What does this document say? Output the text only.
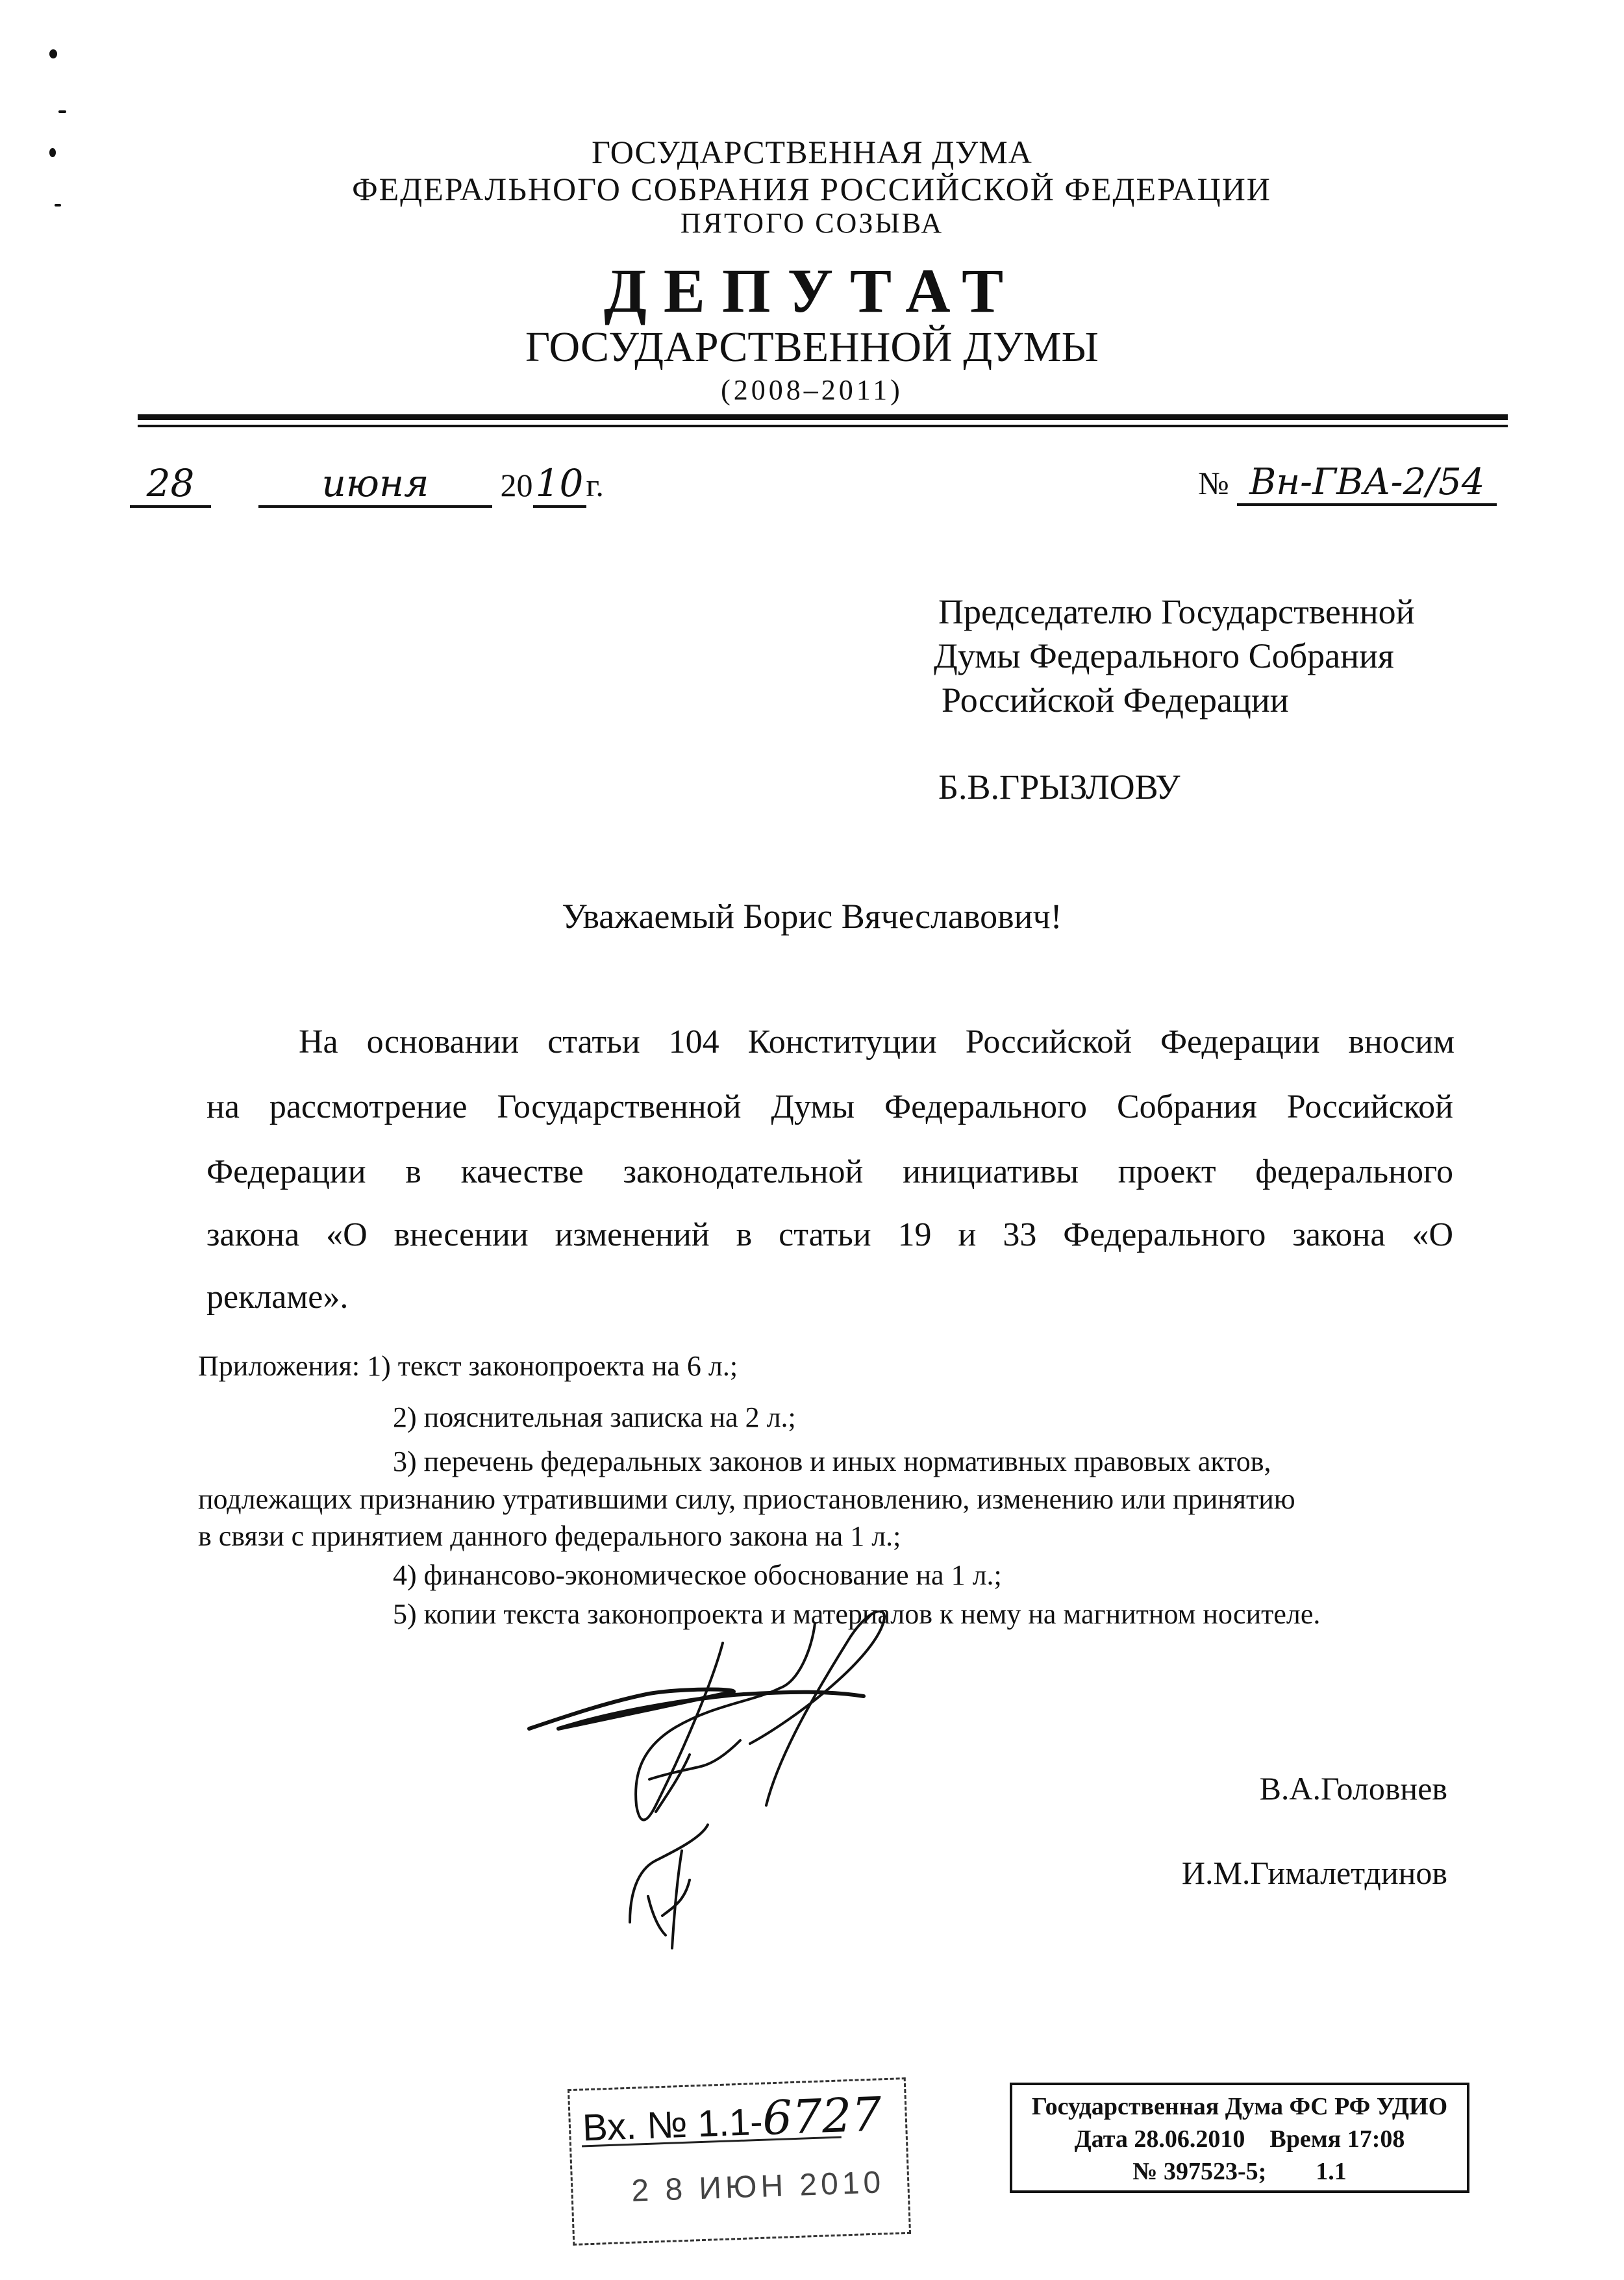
ГОСУДАРСТВЕННАЯ ДУМА
ФЕДЕРАЛЬНОГО СОБРАНИЯ РОССИЙСКОЙ ФЕДЕРАЦИИ
ПЯТОГО СОЗЫВА
ДЕПУТАТ
ГОСУДАРСТВЕННОЙ ДУМЫ
(2008–2011)
28	июня 2010г.	№ Вн-ГВА-2/54
Председателю Государственной
Думы Федерального Собрания
Российской Федерации
Б.В.ГРЫЗЛОВУ
Уважаемый Борис Вячеславович!
На основании статьи 104 Конституции Российской Федерации вносим
на рассмотрение Государственной Думы Федерального Собрания Российской
Федерации в качестве законодательной инициативы проект федерального
закона «О внесении изменений в статьи 19 и 33 Федерального закона «О
рекламе».
Приложения: 1) текст законопроекта на 6 л.;
2) пояснительная записка на 2 л.;
3) перечень федеральных законов и иных нормативных правовых актов,
подлежащих признанию утратившими силу, приостановлению, изменению или принятию
в связи с принятием данного федерального закона на 1 л.;
4) финансово-экономическое обоснование на 1 л.;
5) копии текста законопроекта и материалов к нему на магнитном носителе.
В.А.Головнев
И.М.Гималетдинов
Вх. № 1.1-6727
2 8 ИЮН 2010
Государственная Дума ФС РФ УДИО
Дата 28.06.2010 Время 17:08
№ 397523-5; 1.1
